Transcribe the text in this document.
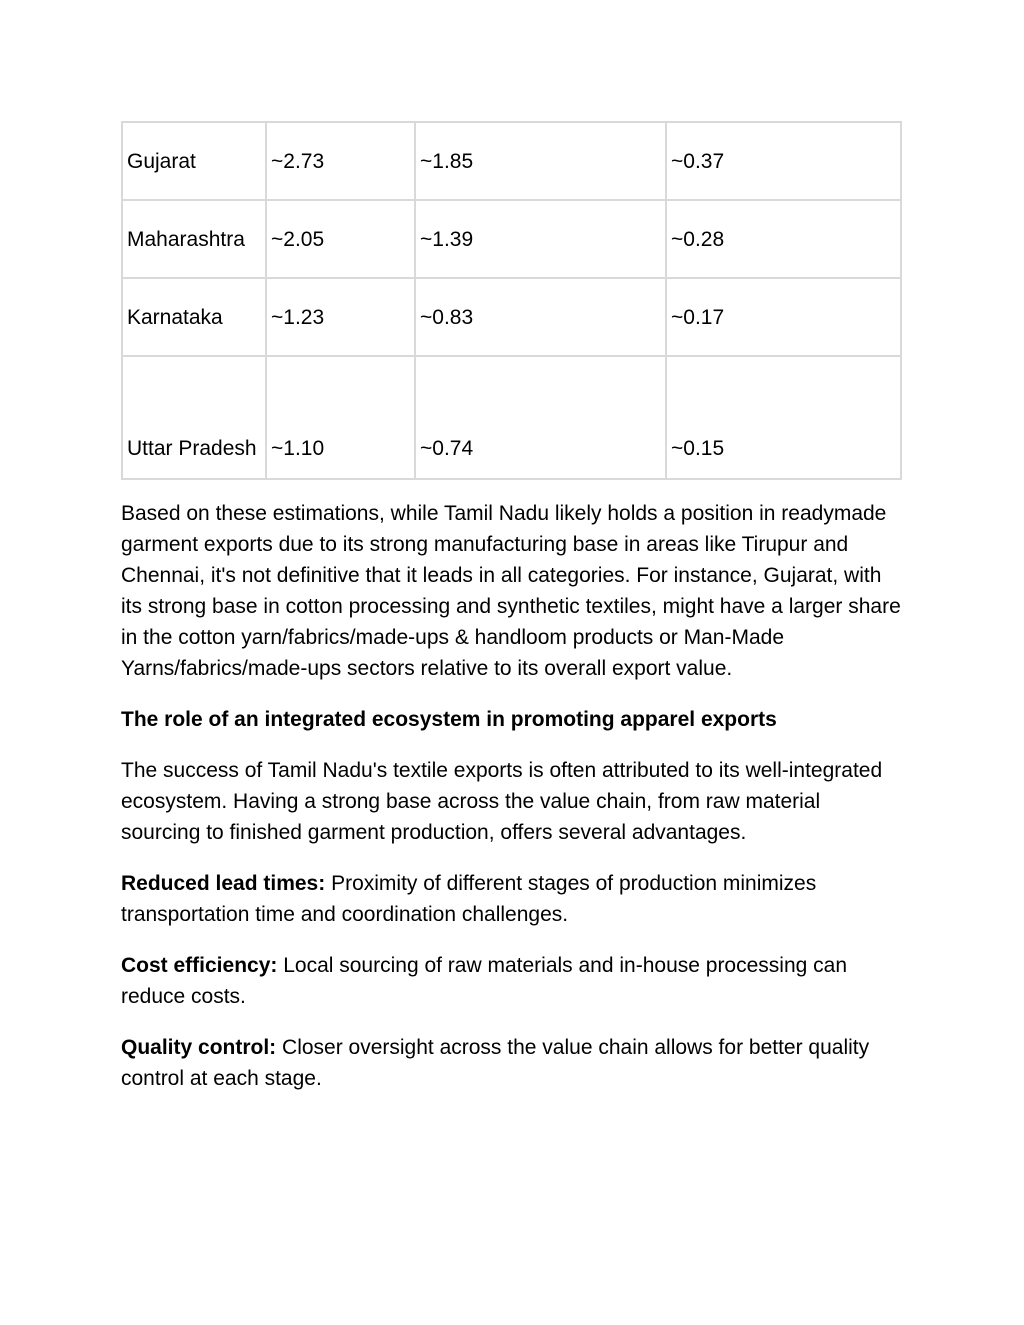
Gujarat	~2.73	~1.85	~0.37
Maharashtra	~2.05	~1.39	~0.28
Karnataka	~1.23	~0.83	~0.17
Uttar Pradesh	~1.10	~0.74	~0.15

Based on these estimations, while Tamil Nadu likely holds a position in readymade garment exports due to its strong manufacturing base in areas like Tirupur and Chennai, it's not definitive that it leads in all categories. For instance, Gujarat, with its strong base in cotton processing and synthetic textiles, might have a larger share in the cotton yarn/fabrics/made-ups & handloom products or Man-Made Yarns/fabrics/made-ups sectors relative to its overall export value.

The role of an integrated ecosystem in promoting apparel exports

The success of Tamil Nadu's textile exports is often attributed to its well-integrated ecosystem. Having a strong base across the value chain, from raw material sourcing to finished garment production, offers several advantages.

Reduced lead times: Proximity of different stages of production minimizes transportation time and coordination challenges.

Cost efficiency: Local sourcing of raw materials and in-house processing can reduce costs.

Quality control: Closer oversight across the value chain allows for better quality control at each stage.
